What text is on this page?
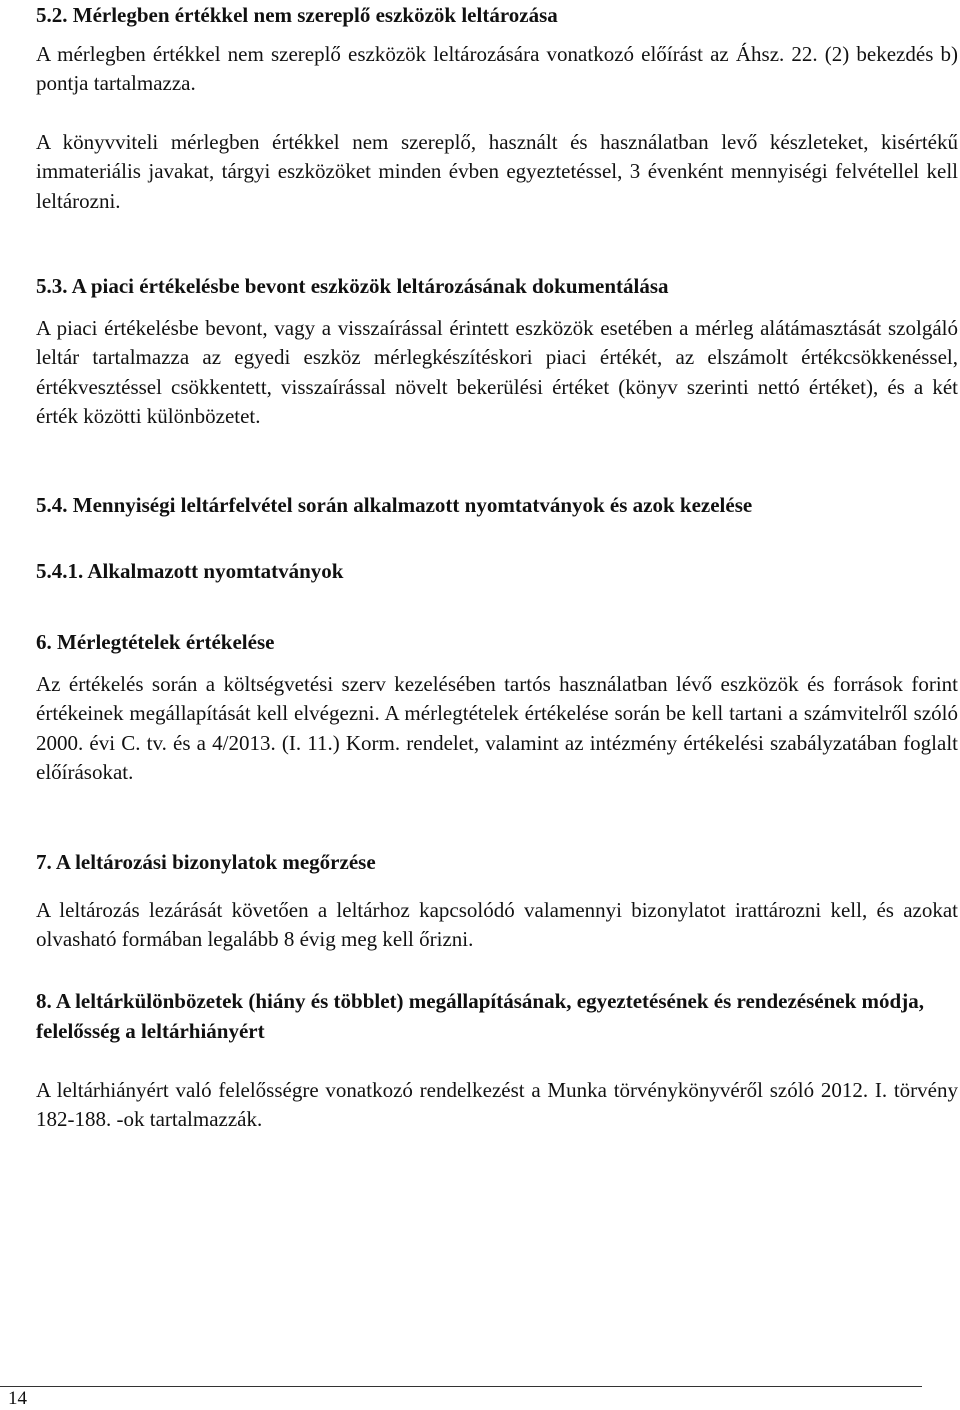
5.2. Mérlegben értékkel nem szereplő eszközök leltározása

A mérlegben értékkel nem szereplő eszközök leltározására vonatkozó előírást az Áhsz. 22. (2) bekezdés b) pontja tartalmazza.

A könyvviteli mérlegben értékkel nem szereplő, használt és használatban levő készleteket, kisértékű immateriális javakat, tárgyi eszközöket minden évben egyeztetéssel, 3 évenként mennyiségi felvétellel kell leltározni.

5.3. A piaci értékelésbe bevont eszközök leltározásának dokumentálása

A piaci értékelésbe bevont, vagy a visszaírással érintett eszközök esetében a mérleg alátámasztását szolgáló leltár tartalmazza az egyedi eszköz mérlegkészítéskori piaci értékét, az elszámolt értékcsökkenéssel, értékvesztéssel csökkentett, visszaírással növelt bekerülési értéket (könyv szerinti nettó értéket), és a két érték közötti különbözetet.

5.4. Mennyiségi leltárfelvétel során alkalmazott nyomtatványok és azok kezelése
5.4.1. Alkalmazott nyomtatványok
6. Mérlegtételek értékelése

Az értékelés során a költségvetési szerv kezelésében tartós használatban lévő eszközök és források forint értékeinek megállapítását kell elvégezni. A mérlegtételek értékelése során be kell tartani a számvitelről szóló 2000. évi C. tv. és a 4/2013. (I. 11.) Korm. rendelet, valamint az intézmény értékelési szabályzatában foglalt előírásokat.

7. A leltározási bizonylatok megőrzése

A leltározás lezárását követően a leltárhoz kapcsolódó valamennyi bizonylatot irattározni kell, és azokat olvasható formában legalább 8 évig meg kell őrizni.

8. A leltárkülönbözetek (hiány és többlet) megállapításának, egyeztetésének és rendezésének módja, felelősség a leltárhiányért

A leltárhiányért való felelősségre vonatkozó rendelkezést a Munka törvénykönyvéről szóló 2012. I. törvény 182-188. -ok tartalmazzák.

14
